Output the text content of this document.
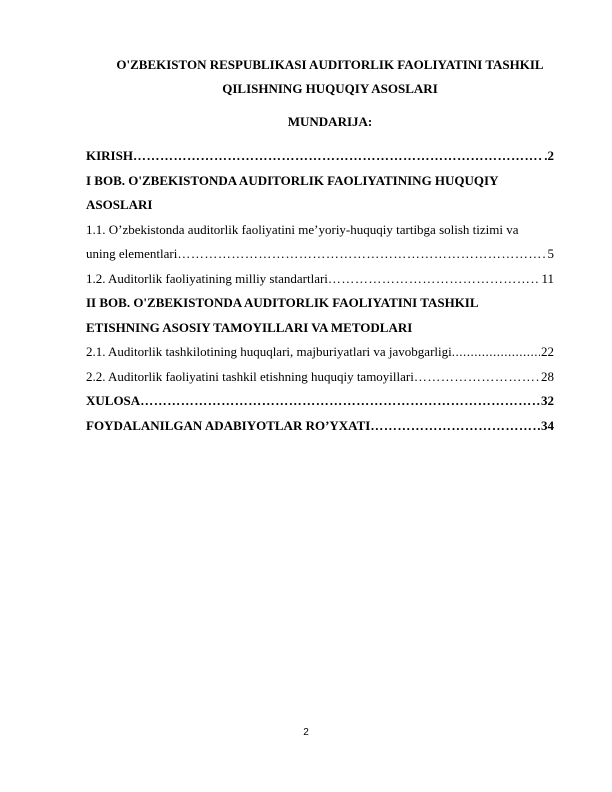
O'ZBEKISTON RESPUBLIKASI AUDITORLIK FAOLIYATINI TASHKIL
QILISHNING HUQUQIY ASOSLARI
MUNDARIJA:
KIRISH ……………………………………………………………………………………………………………………………………………………	.2
I BOB. O'ZBEKISTONDA AUDITORLIK FAOLIYATINING HUQUQIY
ASOSLARI
1.1. O’zbekistonda auditorlik faoliyatini me’yoriy-huquqiy tartibga solish tizimi va
uning elementlari ……………………………………………………………………………………………………………………………………………………	5
1.2. Auditorlik faoliyatining milliy standartlari ……………………………………………………………………………………………………………………………………………………	11
II BOB. O'ZBEKISTONDA AUDITORLIK FAOLIYATINI TASHKIL
ETISHNING ASOSIY TAMOYILLARI VA METODLARI
2.1. Auditorlik tashkilotining huquqlari, majburiyatlari va javobgarligi .....	22
2.2. Auditorlik faoliyatini tashkil etishning huquqiy tamoyillari ……………………………………………………………………………………………………………………………………………………	28
XULOSA ……………………………………………………………………………………………………………………………………………………	32
FOYDALANILGAN ADABIYOTLAR RO’YXATI ……………………………………………………………………………………………………………………………………………………	34
2
